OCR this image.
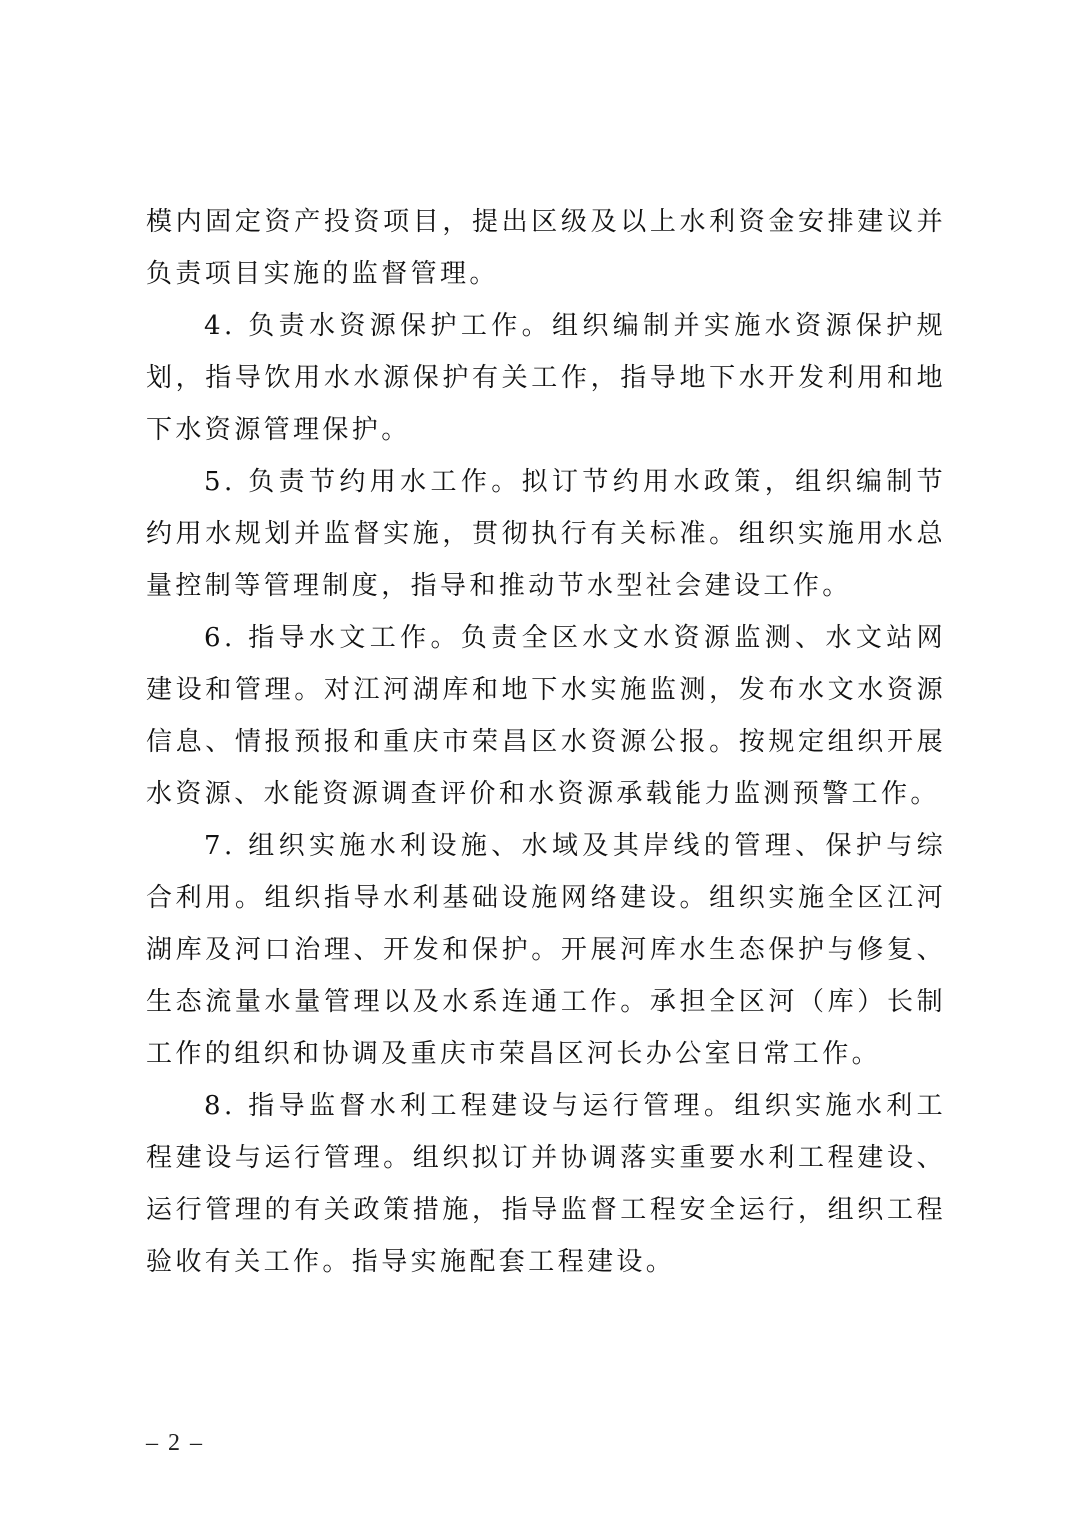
模内固定资产投资项目，提出区级及以上水利资金安排建议并负责项目实施的监督管理。

4. 负责水资源保护工作。组织编制并实施水资源保护规划，指导饮用水水源保护有关工作，指导地下水开发利用和地下水资源管理保护。

5. 负责节约用水工作。拟订节约用水政策，组织编制节约用水规划并监督实施，贯彻执行有关标准。组织实施用水总量控制等管理制度，指导和推动节水型社会建设工作。

6. 指导水文工作。负责全区水文水资源监测、水文站网建设和管理。对江河湖库和地下水实施监测，发布水文水资源信息、情报预报和重庆市荣昌区水资源公报。按规定组织开展水资源、水能资源调查评价和水资源承载能力监测预警工作。

7. 组织实施水利设施、水域及其岸线的管理、保护与综合利用。组织指导水利基础设施网络建设。组织实施全区江河湖库及河口治理、开发和保护。开展河库水生态保护与修复、生态流量水量管理以及水系连通工作。承担全区河（库）长制工作的组织和协调及重庆市荣昌区河长办公室日常工作。

8. 指导监督水利工程建设与运行管理。组织实施水利工程建设与运行管理。组织拟订并协调落实重要水利工程建设、运行管理的有关政策措施，指导监督工程安全运行，组织工程验收有关工作。指导实施配套工程建设。

– 2 –
